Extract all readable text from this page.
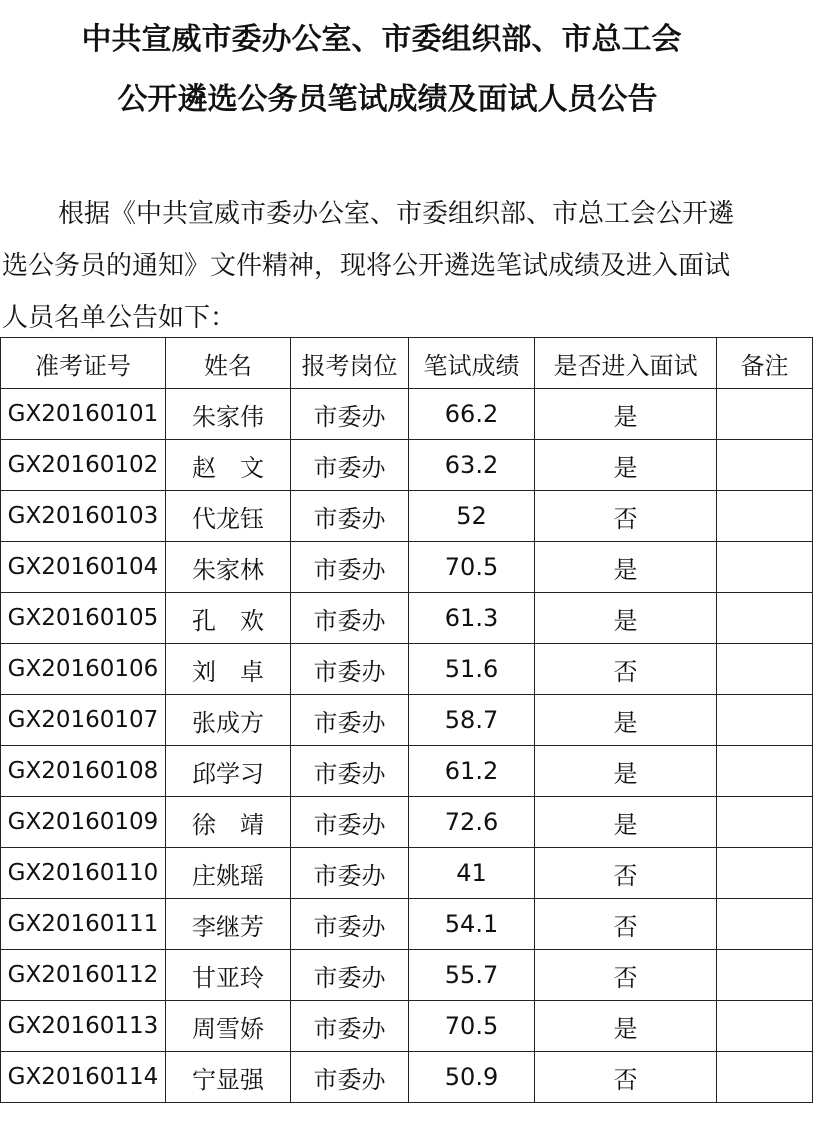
中共宣威市委办公室、市委组织部、市总工会
公开遴选公务员笔试成绩及面试人员公告

根据《中共宣威市委办公室、市委组织部、市总工会公开遴
选公务员的通知》文件精神，现将公开遴选笔试成绩及进入面试
人员名单公告如下：

准考证号	姓名	报考岗位	笔试成绩	是否进入面试	备注
GX20160101	朱家伟	市委办	66.2	是	
GX20160102	赵　文	市委办	63.2	是	
GX20160103	代龙钰	市委办	52	否	
GX20160104	朱家林	市委办	70.5	是	
GX20160105	孔　欢	市委办	61.3	是	
GX20160106	刘　卓	市委办	51.6	否	
GX20160107	张成方	市委办	58.7	是	
GX20160108	邱学习	市委办	61.2	是	
GX20160109	徐　靖	市委办	72.6	是	
GX20160110	庄姚瑶	市委办	41	否	
GX20160111	李继芳	市委办	54.1	否	
GX20160112	甘亚玲	市委办	55.7	否	
GX20160113	周雪娇	市委办	70.5	是	
GX20160114	宁显强	市委办	50.9	否	
